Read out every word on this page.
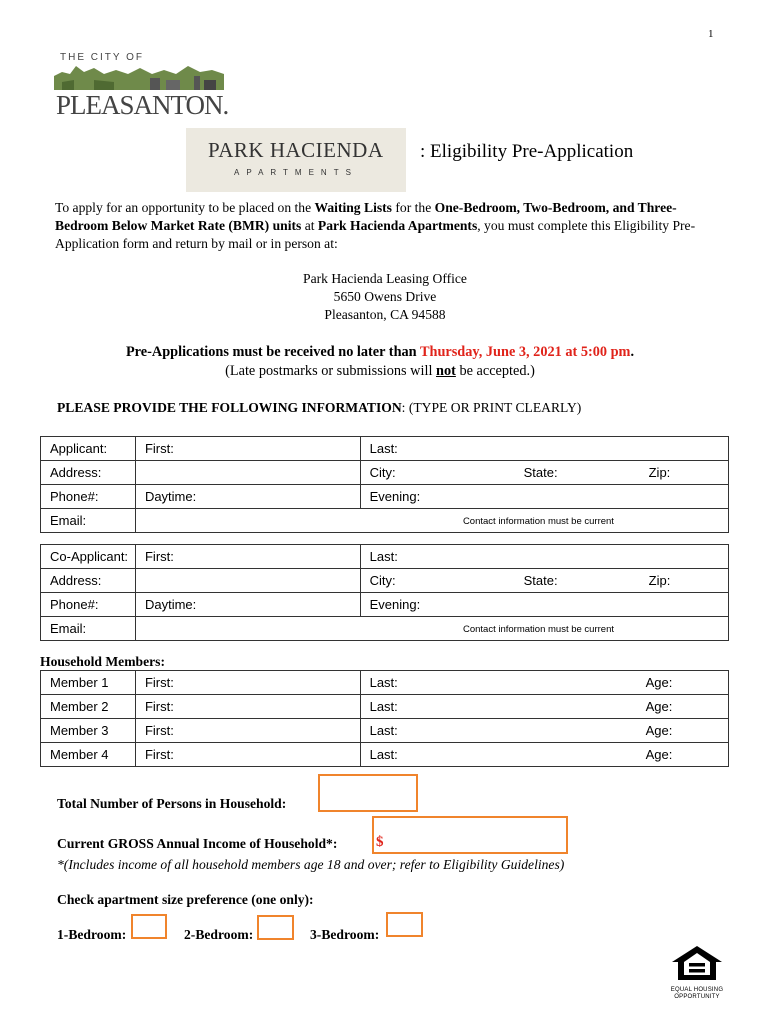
1
THE CITY OF
PLEASANTON.
PARK HACIENDA
APARTMENTS
: Eligibility Pre-Application
To apply for an opportunity to be placed on the Waiting Lists for the One-Bedroom, Two-Bedroom, and Three-Bedroom Below Market Rate (BMR) units at Park Hacienda Apartments, you must complete this Eligibility Pre-Application form and return by mail or in person at:
Park Hacienda Leasing Office
5650 Owens Drive
Pleasanton, CA 94588
Pre-Applications must be received no later than Thursday, June 3, 2021 at 5:00 pm.
(Late postmarks or submissions will not be accepted.)
PLEASE PROVIDE THE FOLLOWING INFORMATION: (TYPE OR PRINT CLEARLY)
Applicant:	First:	Last:
Address:		City: State: Zip:

Phone#:	Daytime:	Evening:
Email:	Contact information must be current	
Co-Applicant:	First:	Last:
Address:		City: State: Zip:

Phone#:	Daytime:	Evening:
Email:	Contact information must be current	
Household Members:
Member 1	First:	Last: Age:

Member 2	First:	Last: Age:

Member 3	First:	Last: Age:

Member 4	First:	Last: Age:
Total Number of Persons in Household:
Current GROSS Annual Income of Household*:	$
*(Includes income of all household members age 18 and over; refer to Eligibility Guidelines)
Check apartment size preference (one only):
1-Bedroom:	2-Bedroom:	3-Bedroom:
EQUAL HOUSING
OPPORTUNITY
